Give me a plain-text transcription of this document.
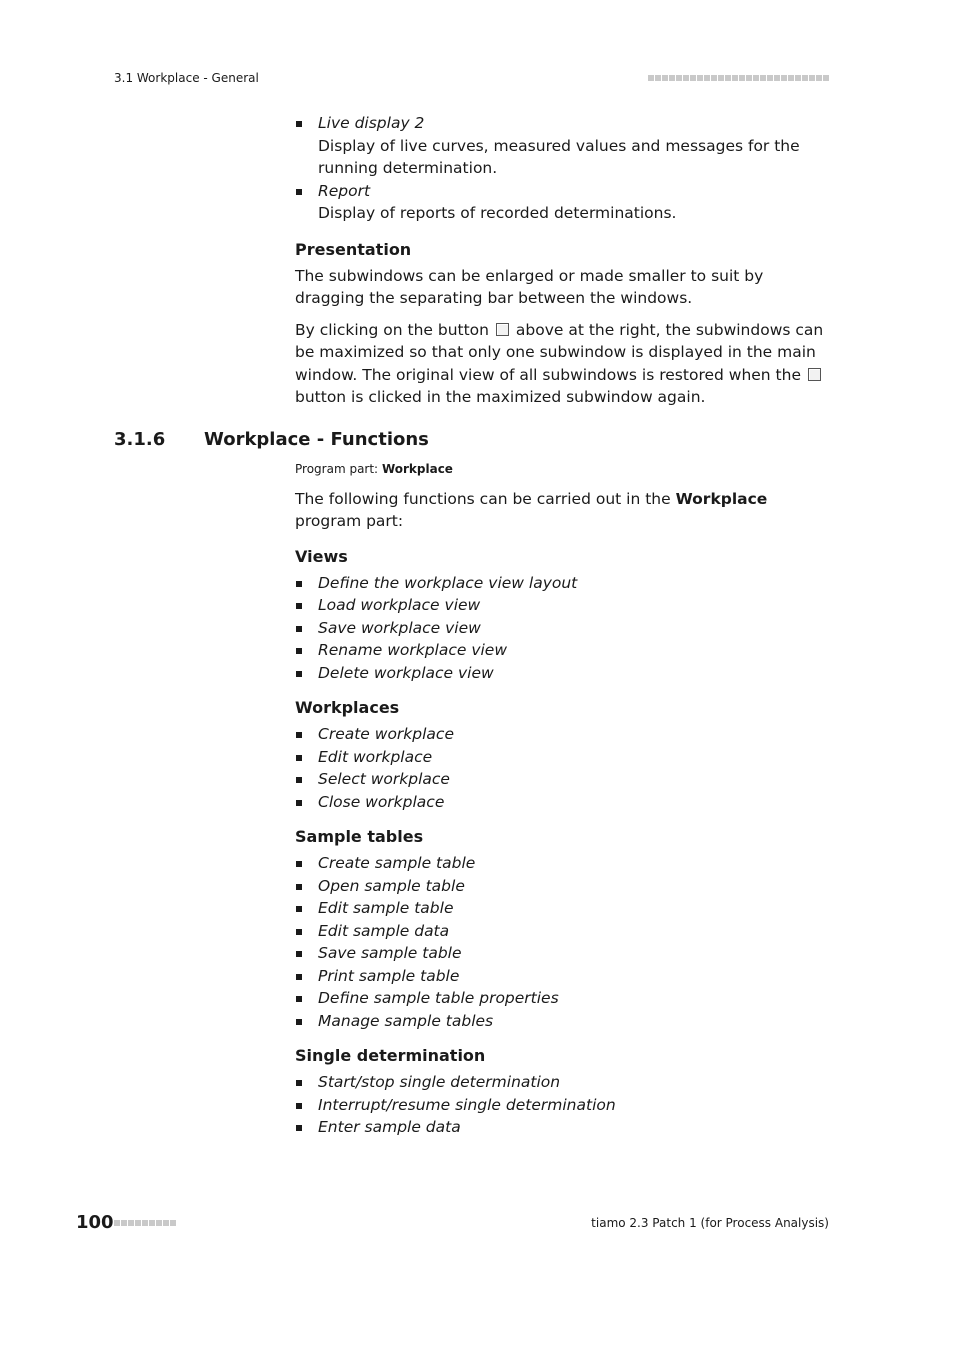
3.1 Workplace - General
Live display 2
Display of live curves, measured values and messages for the running determination.
Report
Display of reports of recorded determinations.
Presentation

The subwindows can be enlarged or made smaller to suit by dragging the separating bar between the windows.

By clicking on the button above at the right, the subwindows can be maximized so that only one subwindow is displayed in the main window. The original view of all subwindows is restored when the  button is clicked in the maximized subwindow again.

Program part: Workplace

The following functions can be carried out in the Workplace program part:

Views
Define the workplace view layout
Load workplace view
Save workplace view
Rename workplace view
Delete workplace view
Workplaces
Create workplace
Edit workplace
Select workplace
Close workplace
Sample tables
Create sample table
Open sample table
Edit sample table
Edit sample data
Save sample table
Print sample table
Define sample table properties
Manage sample tables
Single determination
Start/stop single determination
Interrupt/resume single determination
Enter sample data
3.1.6 Workplace - Functions
100	tiamo 2.3 Patch 1 (for Process Analysis)
